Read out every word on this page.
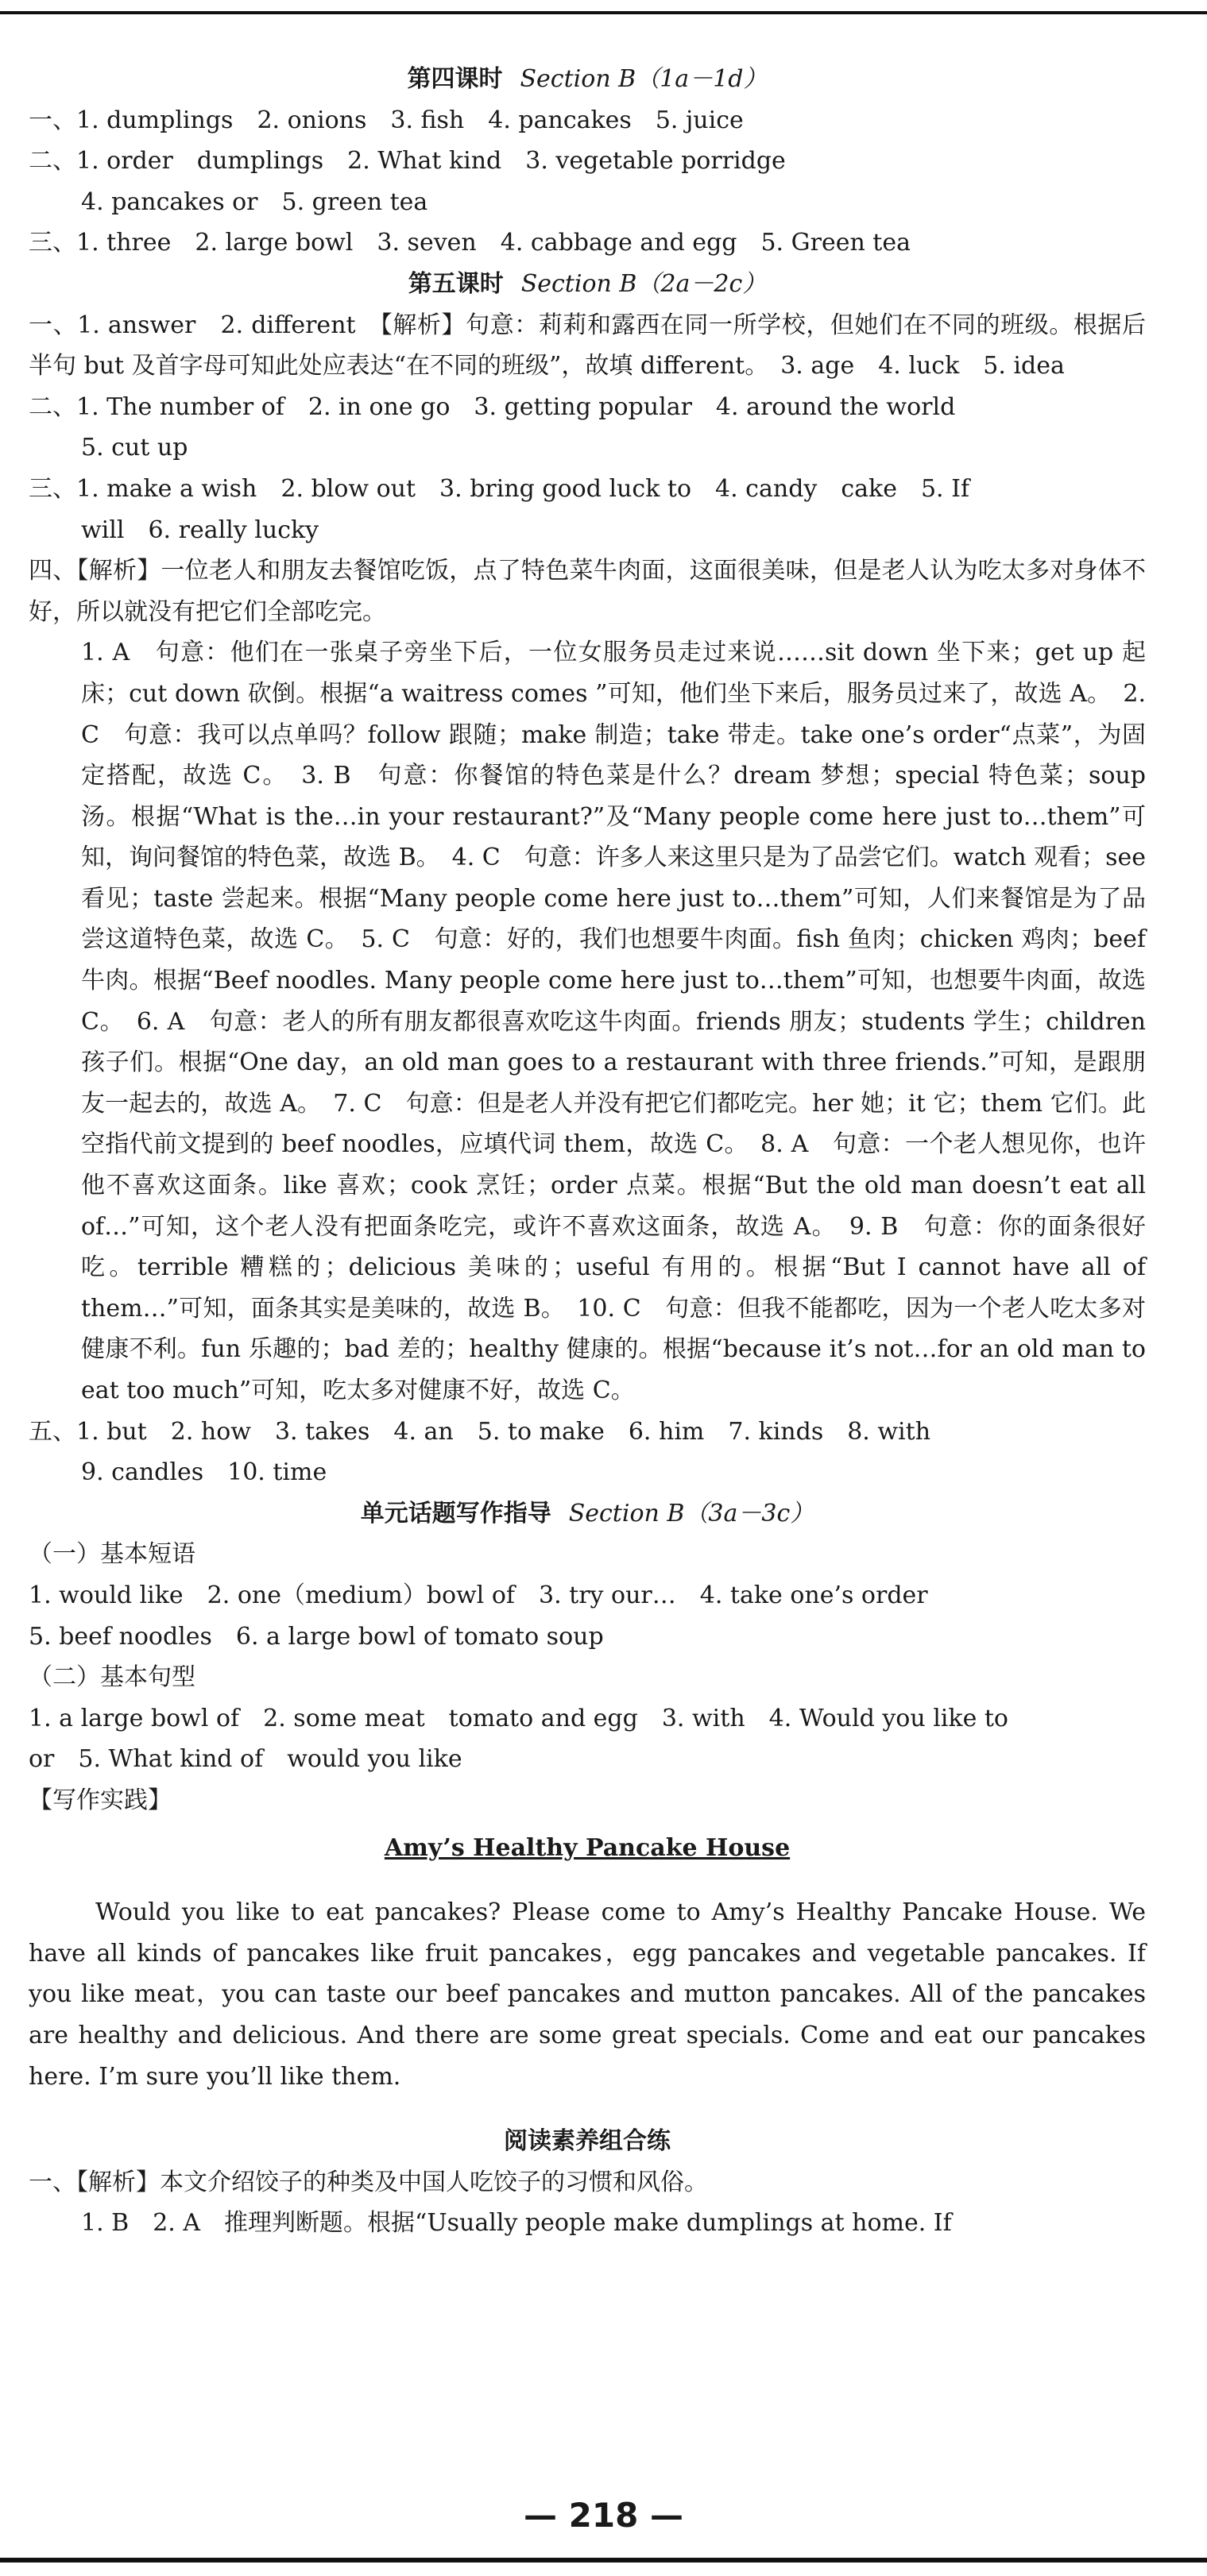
第四课时 Section B（1a－1d）

一、1. dumplings　2. onions　3. fish　4. pancakes　5. juice

二、1. order　dumplings　2. What kind　3. vegetable porridge

4. pancakes or　5. green tea

三、1. three　2. large bowl　3. seven　4. cabbage and egg　5. Green tea

第五课时 Section B（2a－2c）

一、1. answer　2. different　【解析】句意：莉莉和露西在同一所学校，但她们在不同的班级。根据后半句 but 及首字母可知此处应表达“在不同的班级”，故填 different。　3. age　4. luck　5. idea

二、1. The number of　2. in one go　3. getting popular　4. around the world

5. cut up

三、1. make a wish　2. blow out　3. bring good luck to　4. candy　cake　5. If

will　6. really lucky

四、【解析】一位老人和朋友去餐馆吃饭，点了特色菜牛肉面，这面很美味，但是老人认为吃太多对身体不好，所以就没有把它们全部吃完。

1. A　句意：他们在一张桌子旁坐下后，一位女服务员走过来说……sit down 坐下来；get up 起床；cut down 砍倒。根据“a waitress comes ”可知，他们坐下来后，服务员过来了，故选 A。　2. C　句意：我可以点单吗？follow 跟随；make 制造；take 带走。take one’s order“点菜”，为固定搭配，故选 C。　3. B　句意：你餐馆的特色菜是什么？dream 梦想；special 特色菜；soup 汤。根据“What is the…in your restaurant?”及“Many people come here just to…them”可知，询问餐馆的特色菜，故选 B。　4. C　句意：许多人来这里只是为了品尝它们。watch 观看；see 看见；taste 尝起来。根据“Many people come here just to…them”可知，人们来餐馆是为了品尝这道特色菜，故选 C。　5. C　句意：好的，我们也想要牛肉面。fish 鱼肉；chicken 鸡肉；beef 牛肉。根据“Beef noodles. Many people come here just to…them”可知，也想要牛肉面，故选 C。　6. A　句意：老人的所有朋友都很喜欢吃这牛肉面。friends 朋友；students 学生；children 孩子们。根据“One day，an old man goes to a restaurant with three friends.”可知，是跟朋友一起去的，故选 A。　7. C　句意：但是老人并没有把它们都吃完。her 她；it 它；them 它们。此空指代前文提到的 beef noodles，应填代词 them，故选 C。　8. A　句意：一个老人想见你，也许他不喜欢这面条。like 喜欢；cook 烹饪；order 点菜。根据“But the old man doesn’t eat all of…”可知，这个老人没有把面条吃完，或许不喜欢这面条，故选 A。　9. B　句意：你的面条很好吃。terrible 糟糕的；delicious 美味的；useful 有用的。根据“But I cannot have all of them…”可知，面条其实是美味的，故选 B。　10. C　句意：但我不能都吃，因为一个老人吃太多对健康不利。fun 乐趣的；bad 差的；healthy 健康的。根据“because it’s not…for an old man to eat too much”可知，吃太多对健康不好，故选 C。

五、1. but　2. how　3. takes　4. an　5. to make　6. him　7. kinds　8. with

9. candles　10. time

单元话题写作指导 Section B（3a－3c）

（一）基本短语

1. would like　2. one（medium）bowl of　3. try our…　4. take one’s order

5. beef noodles　6. a large bowl of tomato soup

（二）基本句型

1. a large bowl of　2. some meat　tomato and egg　3. with　4. Would you like to

or　5. What kind of　would you like

【写作实践】

Amy’s Healthy Pancake House

Would you like to eat pancakes? Please come to Amy’s Healthy Pancake House. We have all kinds of pancakes like fruit pancakes，egg pancakes and vegetable pancakes. If you like meat，you can taste our beef pancakes and mutton pancakes. All of the pancakes are healthy and delicious. And there are some great specials. Come and eat our pancakes here. I’m sure you’ll like them.

阅读素养组合练

一、【解析】本文介绍饺子的种类及中国人吃饺子的习惯和风俗。

1. B　2. A　推理判断题。根据“Usually people make dumplings at home. If

— 218 —
